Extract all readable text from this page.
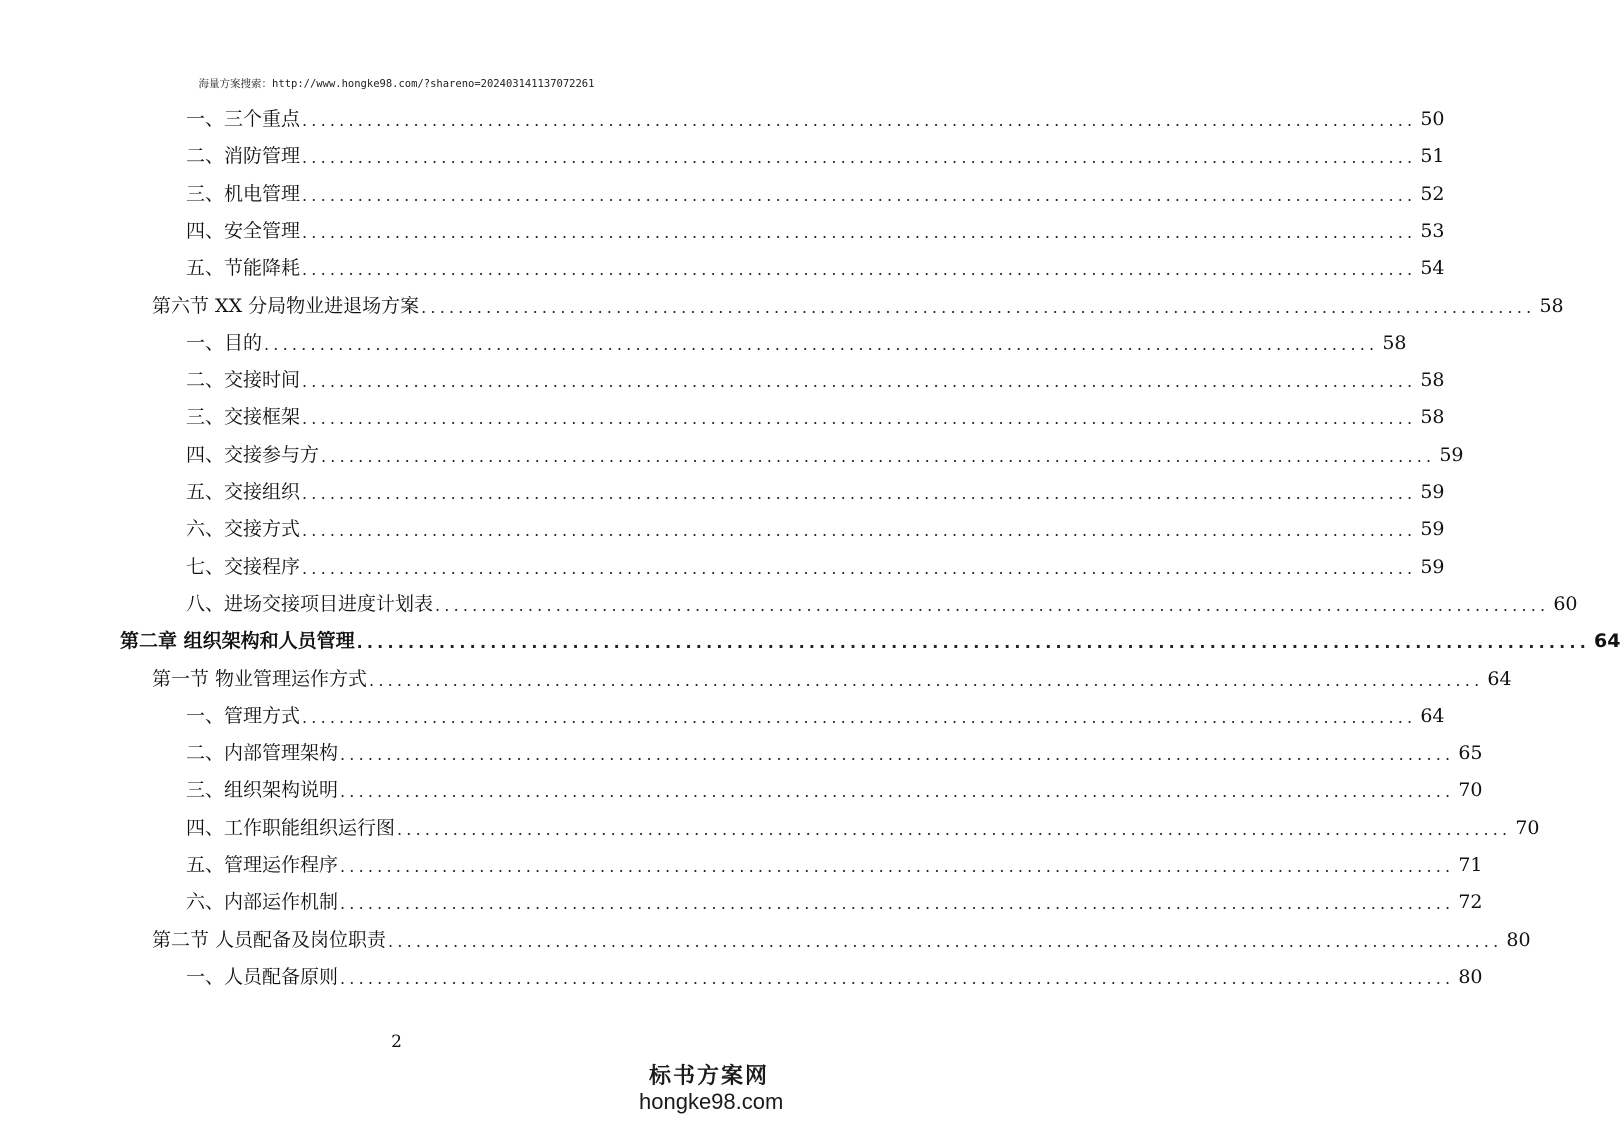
海量方案搜索：http://www.hongke98.com/?shareno=202403141137072261
一、三个重点 ........................................................................................................................ 50
二、消防管理 ........................................................................................................................ 51
三、机电管理 ........................................................................................................................ 52
四、安全管理 ........................................................................................................................ 53
五、节能降耗 ........................................................................................................................ 54
第六节 XX 分局物业进退场方案 ........................................................................................................................ 58
一、目的 ........................................................................................................................ 58
二、交接时间 ........................................................................................................................ 58
三、交接框架 ........................................................................................................................ 58
四、交接参与方 ........................................................................................................................ 59
五、交接组织 ........................................................................................................................ 59
六、交接方式 ........................................................................................................................ 59
七、交接程序 ........................................................................................................................ 59
八、进场交接项目进度计划表 ........................................................................................................................ 60
第二章 组织架构和人员管理 ........................................................................................................................ 64
第一节 物业管理运作方式 ........................................................................................................................ 64
一、管理方式 ........................................................................................................................ 64
二、内部管理架构 ........................................................................................................................ 65
三、组织架构说明 ........................................................................................................................ 70
四、工作职能组织运行图 ........................................................................................................................ 70
五、管理运作程序 ........................................................................................................................ 71
六、内部运作机制 ........................................................................................................................ 72
第二节 人员配备及岗位职责 ........................................................................................................................ 80
一、人员配备原则 ........................................................................................................................ 80
2
标书方案网
hongke98.com
